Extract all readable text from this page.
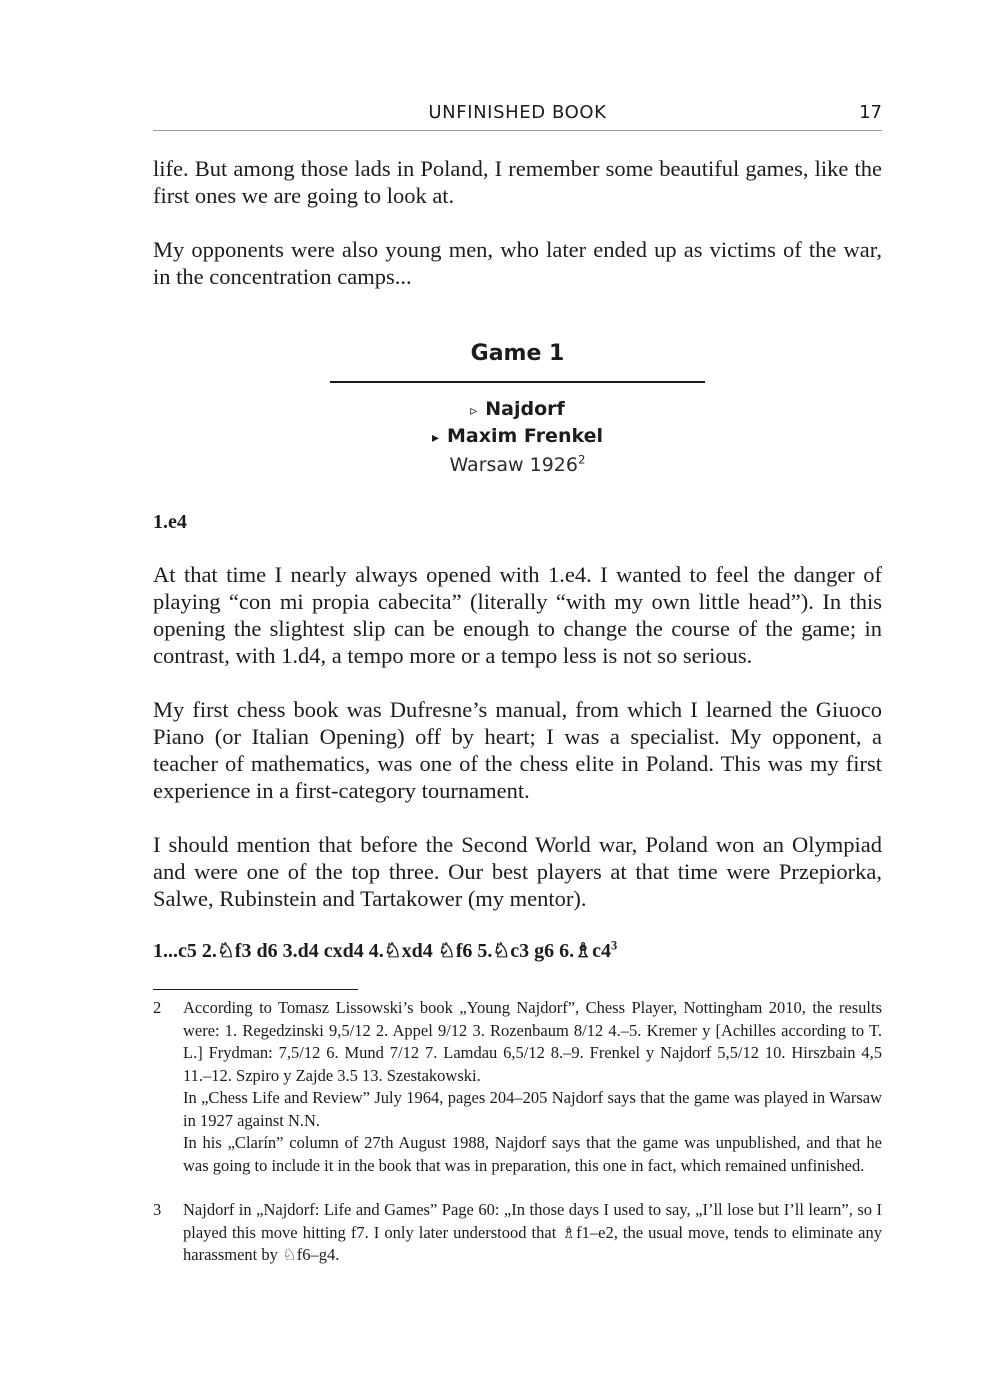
UNFINISHED BOOK	17

life. But among those lads in Poland, I remember some beautiful games, like the first ones we are going to look at.

My opponents were also young men, who later ended up as victims of the war, in the concentration camps...

Game 1
▹ Najdorf
▸ Maxim Frenkel
Warsaw 1926$^2$

1.e4

At that time I nearly always opened with 1.e4. I wanted to feel the danger of playing “con mi propia cabecita” (literally “with my own little head”). In this opening the slightest slip can be enough to change the course of the game; in contrast, with 1.d4, a tempo more or a tempo less is not so serious.

My first chess book was Dufresne’s manual, from which I learned the Giuoco Piano (or Italian Opening) off by heart; I was a specialist. My opponent, a teacher of mathematics, was one of the chess elite in Poland. This was my first experience in a first-category tournament.

I should mention that before the Second World war, Poland won an Olympiad and were one of the top three. Our best players at that time were Przepiorka, Salwe, Rubinstein and Tartakower (my mentor).

1...c5 2.♘f3 d6 3.d4 cxd4 4.♘xd4 ♘f6 5.♘c3 g6 $6.♗c4^3$

2	According to Tomasz Lissowski’s book „Young Najdorf”, Chess Player, Nottingham 2010, the results were: 1. Regedzinski 9,5/12 2. Appel 9/12 3. Rozenbaum 8/12 4.–5. Kremer y [Achilles according to T. L.] Frydman: 7,5/12 6. Mund 7/12 7. Lamdau 6,5/12 8.–9. Frenkel y Najdorf 5,5/12 10. Hirszbain 4,5 11.–12. Szpiro y Zajde 3.5 13. Szestakowski.

In „Chess Life and Review” July 1964, pages 204–205 Najdorf says that the game was played in Warsaw in 1927 against N.N.

In his „Clarín” column of 27th August 1988, Najdorf says that the game was unpublished, and that he was going to include it in the book that was in preparation, this one in fact, which remained unfinished.

3	Najdorf in „Najdorf: Life and Games” Page 60: „In those days I used to say, „I’ll lose but I’ll learn”, so I played this move hitting f7. I only later understood that ♗f1–e2, the usual move, tends to eliminate any harassment by ♘f6–g4.
